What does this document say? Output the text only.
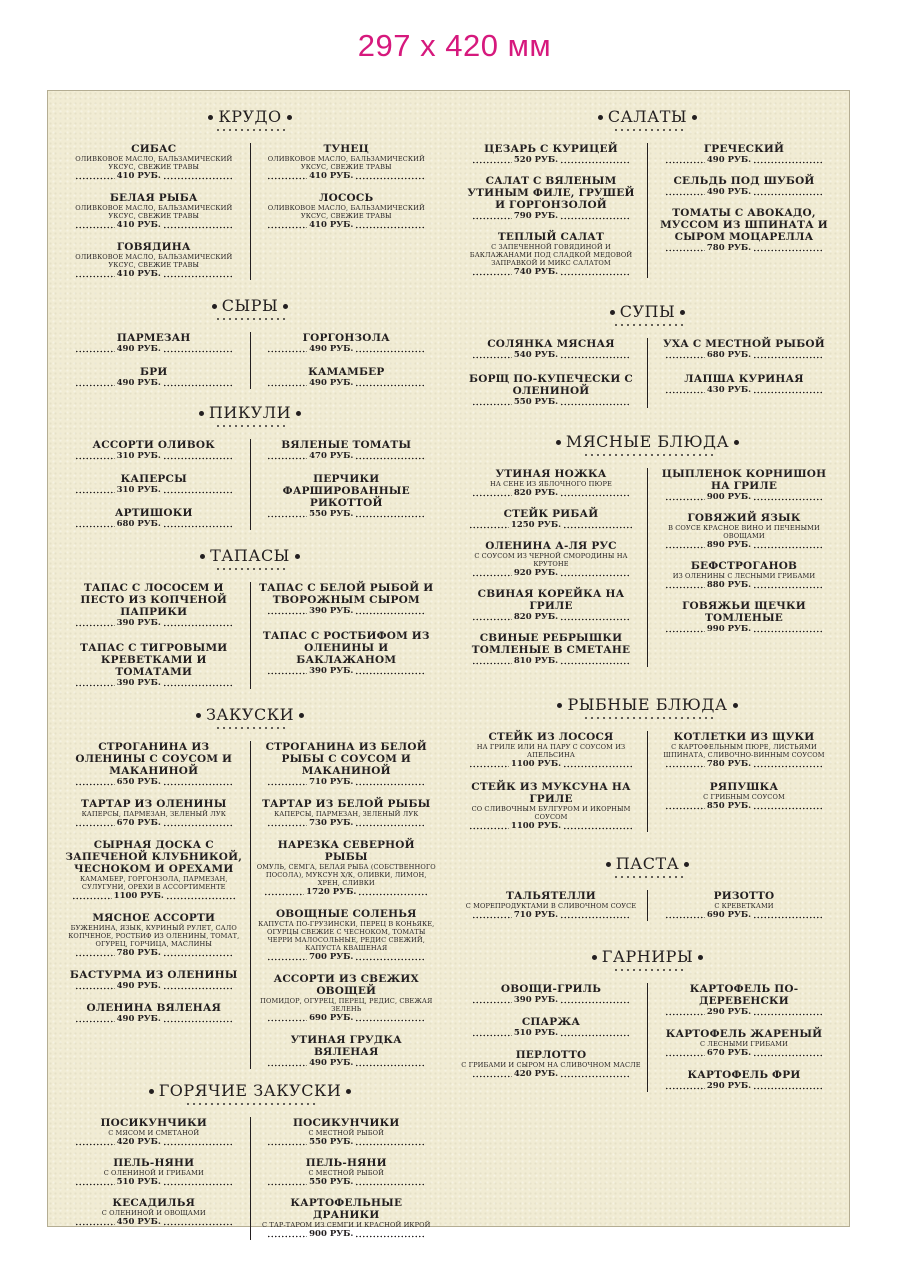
297 x 420 мм
КРУДО
СИБАС
ОЛИВКОВОЕ МАСЛО, БАЛЬЗАМИЧЕСКИЙ УКСУС, СВЕЖИЕ ТРАВЫ
410 РУБ.
БЕЛАЯ РЫБА
ОЛИВКОВОЕ МАСЛО, БАЛЬЗАМИЧЕСКИЙ УКСУС, СВЕЖИЕ ТРАВЫ
410 РУБ.
ГОВЯДИНА
ОЛИВКОВОЕ МАСЛО, БАЛЬЗАМИЧЕСКИЙ УКСУС, СВЕЖИЕ ТРАВЫ
410 РУБ.
ТУНЕЦ
ОЛИВКОВОЕ МАСЛО, БАЛЬЗАМИЧЕСКИЙ УКСУС, СВЕЖИЕ ТРАВЫ
410 РУБ.
ЛОСОСЬ
ОЛИВКОВОЕ МАСЛО, БАЛЬЗАМИЧЕСКИЙ УКСУС, СВЕЖИЕ ТРАВЫ
410 РУБ.
СЫРЫ
ПАРМЕЗАН
490 РУБ.
БРИ
490 РУБ.
ГОРГОНЗОЛА
490 РУБ.
КАМАМБЕР
490 РУБ.
ПИКУЛИ
АССОРТИ ОЛИВОК
310 РУБ.
КАПЕРСЫ
310 РУБ.
АРТИШОКИ
680 РУБ.
ВЯЛЕНЫЕ ТОМАТЫ
470 РУБ.
ПЕРЧИКИ ФАРШИРОВАННЫЕ РИКОТТОЙ
550 РУБ.
ТАПАСЫ
ТАПАС С ЛОСОСЕМ И ПЕСТО ИЗ КОПЧЕНОЙ ПАПРИКИ
390 РУБ.
ТАПАС С ТИГРОВЫМИ КРЕВЕТКАМИ И ТОМАТАМИ
390 РУБ.
ТАПАС С БЕЛОЙ РЫБОЙ И ТВОРОЖНЫМ СЫРОМ
390 РУБ.
ТАПАС С РОСТБИФОМ ИЗ ОЛЕНИНЫ И БАКЛАЖАНОМ
390 РУБ.
ЗАКУСКИ
СТРОГАНИНА ИЗ ОЛЕНИНЫ С СОУСОМ И МАКАНИНОЙ
650 РУБ.
ТАРТАР ИЗ ОЛЕНИНЫ
КАПЕРСЫ, ПАРМЕЗАН, ЗЕЛЕНЫЙ ЛУК
670 РУБ.
СЫРНАЯ ДОСКА С ЗАПЕЧЕНОЙ КЛУБНИКОЙ, ЧЕСНОКОМ И ОРЕХАМИ
КАМАМБЕР, ГОРГОНЗОЛА, ПАРМЕЗАН, СУЛУГУНИ, ОРЕХИ В АССОРТИМЕНТЕ
1100 РУБ.
МЯСНОЕ АССОРТИ
БУЖЕНИНА, ЯЗЫК, КУРИНЫЙ РУЛЕТ, САЛО КОПЧЕНОЕ, РОСТБИФ ИЗ ОЛЕНИНЫ, ТОМАТ, ОГУРЕЦ, ГОРЧИЦА, МАСЛИНЫ
780 РУБ.
БАСТУРМА ИЗ ОЛЕНИНЫ
490 РУБ.
ОЛЕНИНА ВЯЛЕНАЯ
490 РУБ.
СТРОГАНИНА ИЗ БЕЛОЙ РЫБЫ С СОУСОМ И МАКАНИНОЙ
710 РУБ.
ТАРТАР ИЗ БЕЛОЙ РЫБЫ
КАПЕРСЫ, ПАРМЕЗАН, ЗЕЛЕНЫЙ ЛУК
730 РУБ.
НАРЕЗКА СЕВЕРНОЙ РЫБЫ
ОМУЛЬ, СЕМГА, БЕЛАЯ РЫБА (СОБСТВЕННОГО ПОСОЛА), МУКСУН Х/К, ОЛИВКИ, ЛИМОН, ХРЕН, СЛИВКИ
1720 РУБ.
ОВОЩНЫЕ СОЛЕНЬЯ
КАПУСТА ПО-ГРУЗИНСКИ, ПЕРЕЦ В КОНЬЯКЕ, ОГУРЦЫ СВЕЖИЕ С ЧЕСНОКОМ, ТОМАТЫ ЧЕРРИ МАЛОСОЛЬНЫЕ, РЕДИС СВЕЖИЙ, КАПУСТА КВАШЕНАЯ
700 РУБ.
АССОРТИ ИЗ СВЕЖИХ ОВОЩЕЙ
ПОМИДОР, ОГУРЕЦ, ПЕРЕЦ, РЕДИС, СВЕЖАЯ ЗЕЛЕНЬ
690 РУБ.
УТИНАЯ ГРУДКА ВЯЛЕНАЯ
490 РУБ.
ГОРЯЧИЕ ЗАКУСКИ
ПОСИКУНЧИКИ
С МЯСОМ И СМЕТАНОЙ
420 РУБ.
ПЕЛЬ-НЯНИ
С ОЛЕНИНОЙ И ГРИБАМИ
510 РУБ.
КЕСАДИЛЬЯ
С ОЛЕНИНОЙ И ОВОЩАМИ
450 РУБ.
ПОСИКУНЧИКИ
С МЕСТНОЙ РЫБОЙ
550 РУБ.
ПЕЛЬ-НЯНИ
С МЕСТНОЙ РЫБОЙ
550 РУБ.
КАРТОФЕЛЬНЫЕ ДРАНИКИ
С ТАР-ТАРОМ ИЗ СЕМГИ И КРАСНОЙ ИКРОЙ
900 РУБ.
САЛАТЫ
ЦЕЗАРЬ С КУРИЦЕЙ
520 РУБ.
САЛАТ С ВЯЛЕНЫМ УТИНЫМ ФИЛЕ, ГРУШЕЙ И ГОРГОНЗОЛОЙ
790 РУБ.
ТЕПЛЫЙ САЛАТ
С ЗАПЕЧЕННОЙ ГОВЯДИНОЙ И БАКЛАЖАНАМИ ПОД СЛАДКОЙ МЕДОВОЙ ЗАПРАВКОЙ И МИКС САЛАТОМ
740 РУБ.
ГРЕЧЕСКИЙ
490 РУБ.
СЕЛЬДЬ ПОД ШУБОЙ
490 РУБ.
ТОМАТЫ С АВОКАДО, МУССОМ ИЗ ШПИНАТА И СЫРОМ МОЦАРЕЛЛА
780 РУБ.
СУПЫ
СОЛЯНКА МЯСНАЯ
540 РУБ.
БОРЩ ПО-КУПЕЧЕСКИ С ОЛЕНИНОЙ
550 РУБ.
УХА С МЕСТНОЙ РЫБОЙ
680 РУБ.
ЛАПША КУРИНАЯ
430 РУБ.
МЯСНЫЕ БЛЮДА
УТИНАЯ НОЖКА
НА СЕНЕ ИЗ ЯБЛОЧНОГО ПЮРЕ
820 РУБ.
СТЕЙК РИБАЙ
1250 РУБ.
ОЛЕНИНА А-ЛЯ РУС
С СОУСОМ ИЗ ЧЕРНОЙ СМОРОДИНЫ НА КРУТОНЕ
920 РУБ.
СВИНАЯ КОРЕЙКА НА ГРИЛЕ
820 РУБ.
СВИНЫЕ РЕБРЫШКИ ТОМЛЕНЫЕ В СМЕТАНЕ
810 РУБ.
ЦЫПЛЕНОК КОРНИШОН НА ГРИЛЕ
900 РУБ.
ГОВЯЖИЙ ЯЗЫК
В СОУСЕ КРАСНОЕ ВИНО И ПЕЧЕНЫМИ ОВОЩАМИ
890 РУБ.
БЕФСТРОГАНОВ
ИЗ ОЛЕНИНЫ С ЛЕСНЫМИ ГРИБАМИ
880 РУБ.
ГОВЯЖЬИ ЩЕЧКИ ТОМЛЕНЫЕ
990 РУБ.
РЫБНЫЕ БЛЮДА
СТЕЙК ИЗ ЛОСОСЯ
НА ГРИЛЕ ИЛИ НА ПАРУ С СОУСОМ ИЗ АПЕЛЬСИНА
1100 РУБ.
СТЕЙК ИЗ МУКСУНА НА ГРИЛЕ
СО СЛИВОЧНЫМ БУЛГУРОМ И ИКОРНЫМ СОУСОМ
1100 РУБ.
КОТЛЕТКИ ИЗ ЩУКИ
С КАРТОФЕЛЬНЫМ ПЮРЕ, ЛИСТЬЯМИ ШПИНАТА, СЛИВОЧНО-ВИННЫМ СОУСОМ
780 РУБ.
РЯПУШКА
С ГРИБНЫМ СОУСОМ
850 РУБ.
ПАСТА
ТАЛЬЯТЕЛЛИ
С МОРЕПРОДУКТАМИ В СЛИВОЧНОМ СОУСЕ
710 РУБ.
РИЗОТТО
С КРЕВЕТКАМИ
690 РУБ.
ГАРНИРЫ
ОВОЩИ-ГРИЛЬ
390 РУБ.
СПАРЖА
510 РУБ.
ПЕРЛОТТО
С ГРИБАМИ И СЫРОМ НА СЛИВОЧНОМ МАСЛЕ
420 РУБ.
КАРТОФЕЛЬ ПО-ДЕРЕВЕНСКИ
290 РУБ.
КАРТОФЕЛЬ ЖАРЕНЫЙ
С ЛЕСНЫМИ ГРИБАМИ
670 РУБ.
КАРТОФЕЛЬ ФРИ
290 РУБ.
